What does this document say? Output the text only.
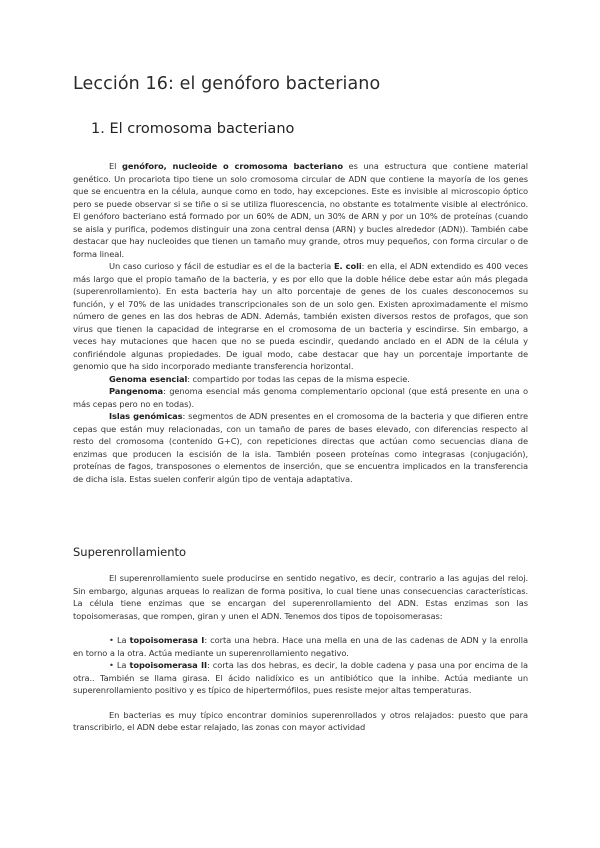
Lección 16: el genóforo bacteriano
1. El cromosoma bacteriano

El genóforo, nucleoide o cromosoma bacteriano es una estructura que contiene material genético. Un procariota tipo tiene un solo cromosoma circular de ADN que contiene la mayoría de los genes que se encuentra en la célula, aunque como en todo, hay excepciones. Este es invisible al microscopio óptico pero se puede observar si se tiñe o si se utiliza fluorescencia, no obstante es totalmente visible al electrónico. El genóforo bacteriano está formado por un 60% de ADN, un 30% de ARN y por un 10% de proteínas (cuando se aisla y purifica, podemos distinguir una zona central densa (ARN) y bucles alrededor (ADN)). También cabe destacar que hay nucleoides que tienen un tamaño muy grande, otros muy pequeños, con forma circular o de forma lineal.

Un caso curioso y fácil de estudiar es el de la bacteria E. coli: en ella, el ADN extendido es 400 veces más largo que el propio tamaño de la bacteria, y es por ello que la doble hélice debe estar aún más plegada (superenrollamiento). En esta bacteria hay un alto porcentaje de genes de los cuales desconocemos su función, y el 70% de las unidades transcripcionales son de un solo gen. Existen aproximadamente el mismo número de genes en las dos hebras de ADN. Además, también existen diversos restos de profagos, que son virus que tienen la capacidad de integrarse en el cromosoma de un bacteria y escindirse. Sin embargo, a veces hay mutaciones que hacen que no se pueda escindir, quedando anclado en el ADN de la célula y confiriéndole algunas propiedades. De igual modo, cabe destacar que hay un porcentaje importante de genomio que ha sido incorporado mediante transferencia horizontal.

Genoma esencial: compartido por todas las cepas de la misma especie.

Pangenoma: genoma esencial más genoma complementario opcional (que está presente en una o más cepas pero no en todas).

Islas genómicas: segmentos de ADN presentes en el cromosoma de la bacteria y que difieren entre cepas que están muy relacionadas, con un tamaño de pares de bases elevado, con diferencias respecto al resto del cromosoma (contenido G+C), con repeticiones directas que actúan como secuencias diana de enzimas que producen la escisión de la isla. También poseen proteínas como integrasas (conjugación), proteínas de fagos, transposones o elementos de inserción, que se encuentra implicados en la transferencia de dicha isla. Estas suelen conferir algún tipo de ventaja adaptativa.

Superenrollamiento

El superenrollamiento suele producirse en sentido negativo, es decir, contrario a las agujas del reloj. Sin embargo, algunas arqueas lo realizan de forma positiva, lo cual tiene unas consecuencias características. La célula tiene enzimas que se encargan del superenrollamiento del ADN. Estas enzimas son las topoisomerasas, que rompen, giran y unen el ADN. Tenemos dos tipos de topoisomerasas:

• La topoisomerasa I: corta una hebra. Hace una mella en una de las cadenas de ADN y la enrolla en torno a la otra. Actúa mediante un superenrollamiento negativo.

• La topoisomerasa II: corta las dos hebras, es decir, la doble cadena y pasa una por encima de la otra.. También se llama girasa. El ácido nalidíxico es un antibiótico que la inhibe. Actúa mediante un superenrollamiento positivo y es típico de hipertermófilos, pues resiste mejor altas temperaturas.

En bacterias es muy típico encontrar dominios superenrollados y otros relajados: puesto que para transcribirlo, el ADN debe estar relajado, las zonas con mayor actividad
